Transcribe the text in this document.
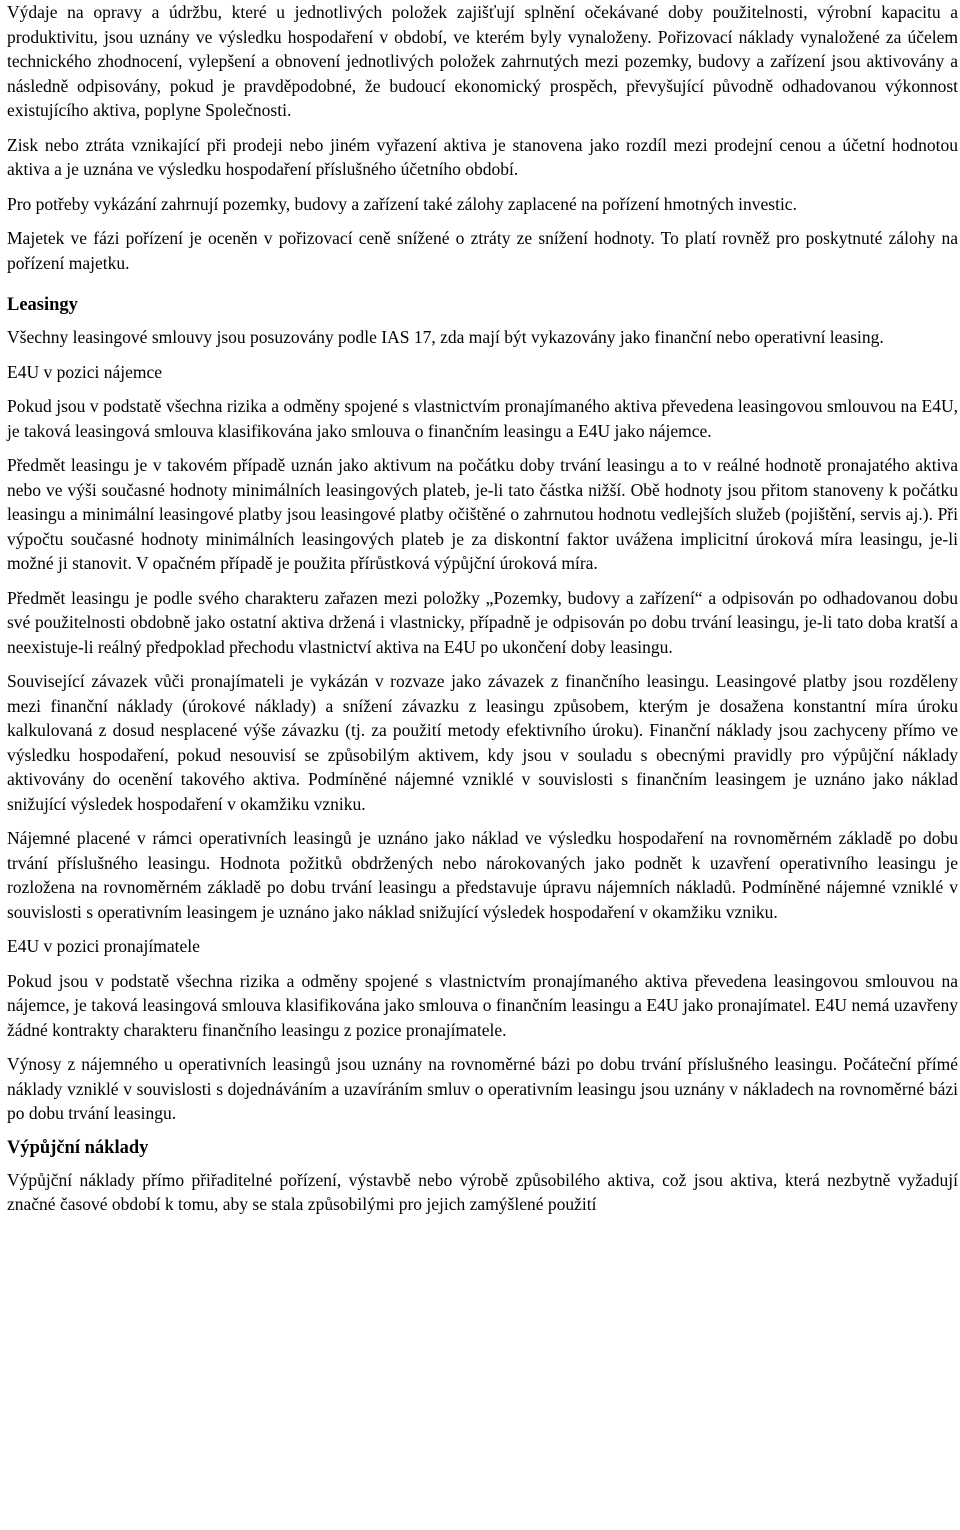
Výdaje na opravy a údržbu, které u jednotlivých položek zajišťují splnění očekávané doby použitelnosti, výrobní kapacitu a produktivitu, jsou uznány ve výsledku hospodaření v období, ve kterém byly vynaloženy. Pořizovací náklady vynaložené za účelem technického zhodnocení, vylepšení a obnovení jednotlivých položek zahrnutých mezi pozemky, budovy a zařízení jsou aktivovány a následně odpisovány, pokud je pravděpodobné, že budoucí ekonomický prospěch, převyšující původně odhadovanou výkonnost existujícího aktiva, poplyne Společnosti.

Zisk nebo ztráta vznikající při prodeji nebo jiném vyřazení aktiva je stanovena jako rozdíl mezi prodejní cenou a účetní hodnotou aktiva a je uznána ve výsledku hospodaření příslušného účetního období.

Pro potřeby vykázání zahrnují pozemky, budovy a zařízení také zálohy zaplacené na pořízení hmotných investic.

Majetek ve fázi pořízení je oceněn v pořizovací ceně snížené o ztráty ze snížení hodnoty. To platí rovněž pro poskytnuté zálohy na pořízení majetku.

Leasingy

Všechny leasingové smlouvy jsou posuzovány podle IAS 17, zda mají být vykazovány jako finanční nebo operativní leasing.

E4U v pozici nájemce

Pokud jsou v podstatě všechna rizika a odměny spojené s vlastnictvím pronajímaného aktiva převedena leasingovou smlouvou na E4U, je taková leasingová smlouva klasifikována jako smlouva o finančním leasingu a E4U jako nájemce.

Předmět leasingu je v takovém případě uznán jako aktivum na počátku doby trvání leasingu a to v reálné hodnotě pronajatého aktiva nebo ve výši současné hodnoty minimálních leasingových plateb, je-li tato částka nižší. Obě hodnoty jsou přitom stanoveny k počátku leasingu a minimální leasingové platby jsou leasingové platby očištěné o zahrnutou hodnotu vedlejších služeb (pojištění, servis aj.). Při výpočtu současné hodnoty minimálních leasingových plateb je za diskontní faktor uvážena implicitní úroková míra leasingu, je-li možné ji stanovit. V opačném případě je použita přírůstková výpůjční úroková míra.

Předmět leasingu je podle svého charakteru zařazen mezi položky „Pozemky, budovy a zařízení“ a odpisován po odhadovanou dobu své použitelnosti obdobně jako ostatní aktiva držená i vlastnicky, případně je odpisován po dobu trvání leasingu, je-li tato doba kratší a neexistuje-li reálný předpoklad přechodu vlastnictví aktiva na E4U po ukončení doby leasingu.

Související závazek vůči pronajímateli je vykázán v rozvaze jako závazek z finančního leasingu. Leasingové platby jsou rozděleny mezi finanční náklady (úrokové náklady) a snížení závazku z leasingu způsobem, kterým je dosažena konstantní míra úroku kalkulovaná z dosud nesplacené výše závazku (tj. za použití metody efektivního úroku). Finanční náklady jsou zachyceny přímo ve výsledku hospodaření, pokud nesouvisí se způsobilým aktivem, kdy jsou v souladu s obecnými pravidly pro výpůjční náklady aktivovány do ocenění takového aktiva. Podmíněné nájemné vzniklé v souvislosti s finančním leasingem je uznáno jako náklad snižující výsledek hospodaření v okamžiku vzniku.

Nájemné placené v rámci operativních leasingů je uznáno jako náklad ve výsledku hospodaření na rovnoměrném základě po dobu trvání příslušného leasingu. Hodnota požitků obdržených nebo nárokovaných jako podnět k uzavření operativního leasingu je rozložena na rovnoměrném základě po dobu trvání leasingu a představuje úpravu nájemních nákladů. Podmíněné nájemné vzniklé v souvislosti s operativním leasingem je uznáno jako náklad snižující výsledek hospodaření v okamžiku vzniku.

E4U v pozici pronajímatele

Pokud jsou v podstatě všechna rizika a odměny spojené s vlastnictvím pronajímaného aktiva převedena leasingovou smlouvou na nájemce, je taková leasingová smlouva klasifikována jako smlouva o finančním leasingu a E4U jako pronajímatel. E4U nemá uzavřeny žádné kontrakty charakteru finančního leasingu z pozice pronajímatele.

Výnosy z nájemného u operativních leasingů jsou uznány na rovnoměrné bázi po dobu trvání příslušného leasingu. Počáteční přímé náklady vzniklé v souvislosti s dojednáváním a uzavíráním smluv o operativním leasingu jsou uznány v nákladech na rovnoměrné bázi po dobu trvání leasingu.

Výpůjční náklady

Výpůjční náklady přímo přiřaditelné pořízení, výstavbě nebo výrobě způsobilého aktiva, což jsou aktiva, která nezbytně vyžadují značné časové období k tomu, aby se stala způsobilými pro jejich zamýšlené použití
